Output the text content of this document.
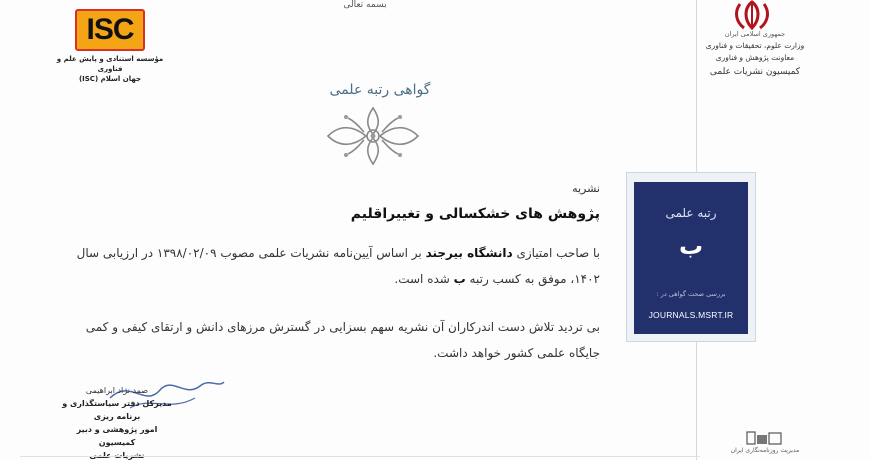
بسمه تعالی
جمهوری اسلامی ایران
وزارت علوم، تحقیقات و فناوری
معاونت پژوهش و فناوری
کمیسیون نشریات علمی
ISC
مؤسسه استنادی و پایش علم و فناوری
جهان اسلام (ISC)
گواهی رتبه علمی
نشریه
پژوهش های خشکسالی و تغییراقلیم
با صاحب امتیازی دانشگاه بیرجند بر اساس آیین‌نامه نشریات علمی مصوب ۱۳۹۸/۰۲/۰۹ در ارزیابی سال ۱۴۰۲، موفق به کسب رتبه ب شده است.
بی تردید تلاش دست اندرکاران آن نشریه سهم بسزایی در گسترش مرزهای دانش و ارتقای کیفی و کمی جایگاه علمی کشور خواهد داشت.
رتبه علمی
ب
بررسی صحت گواهی در :
JOURNALS.MSRT.IR
صمد نژاد ابراهیمی
مدیرکل دفتر سیاستگذاری و برنامه ریزی
امور پژوهشی و دبیر کمیسیون
مدیریت روزنامه‌نگاری ایران
